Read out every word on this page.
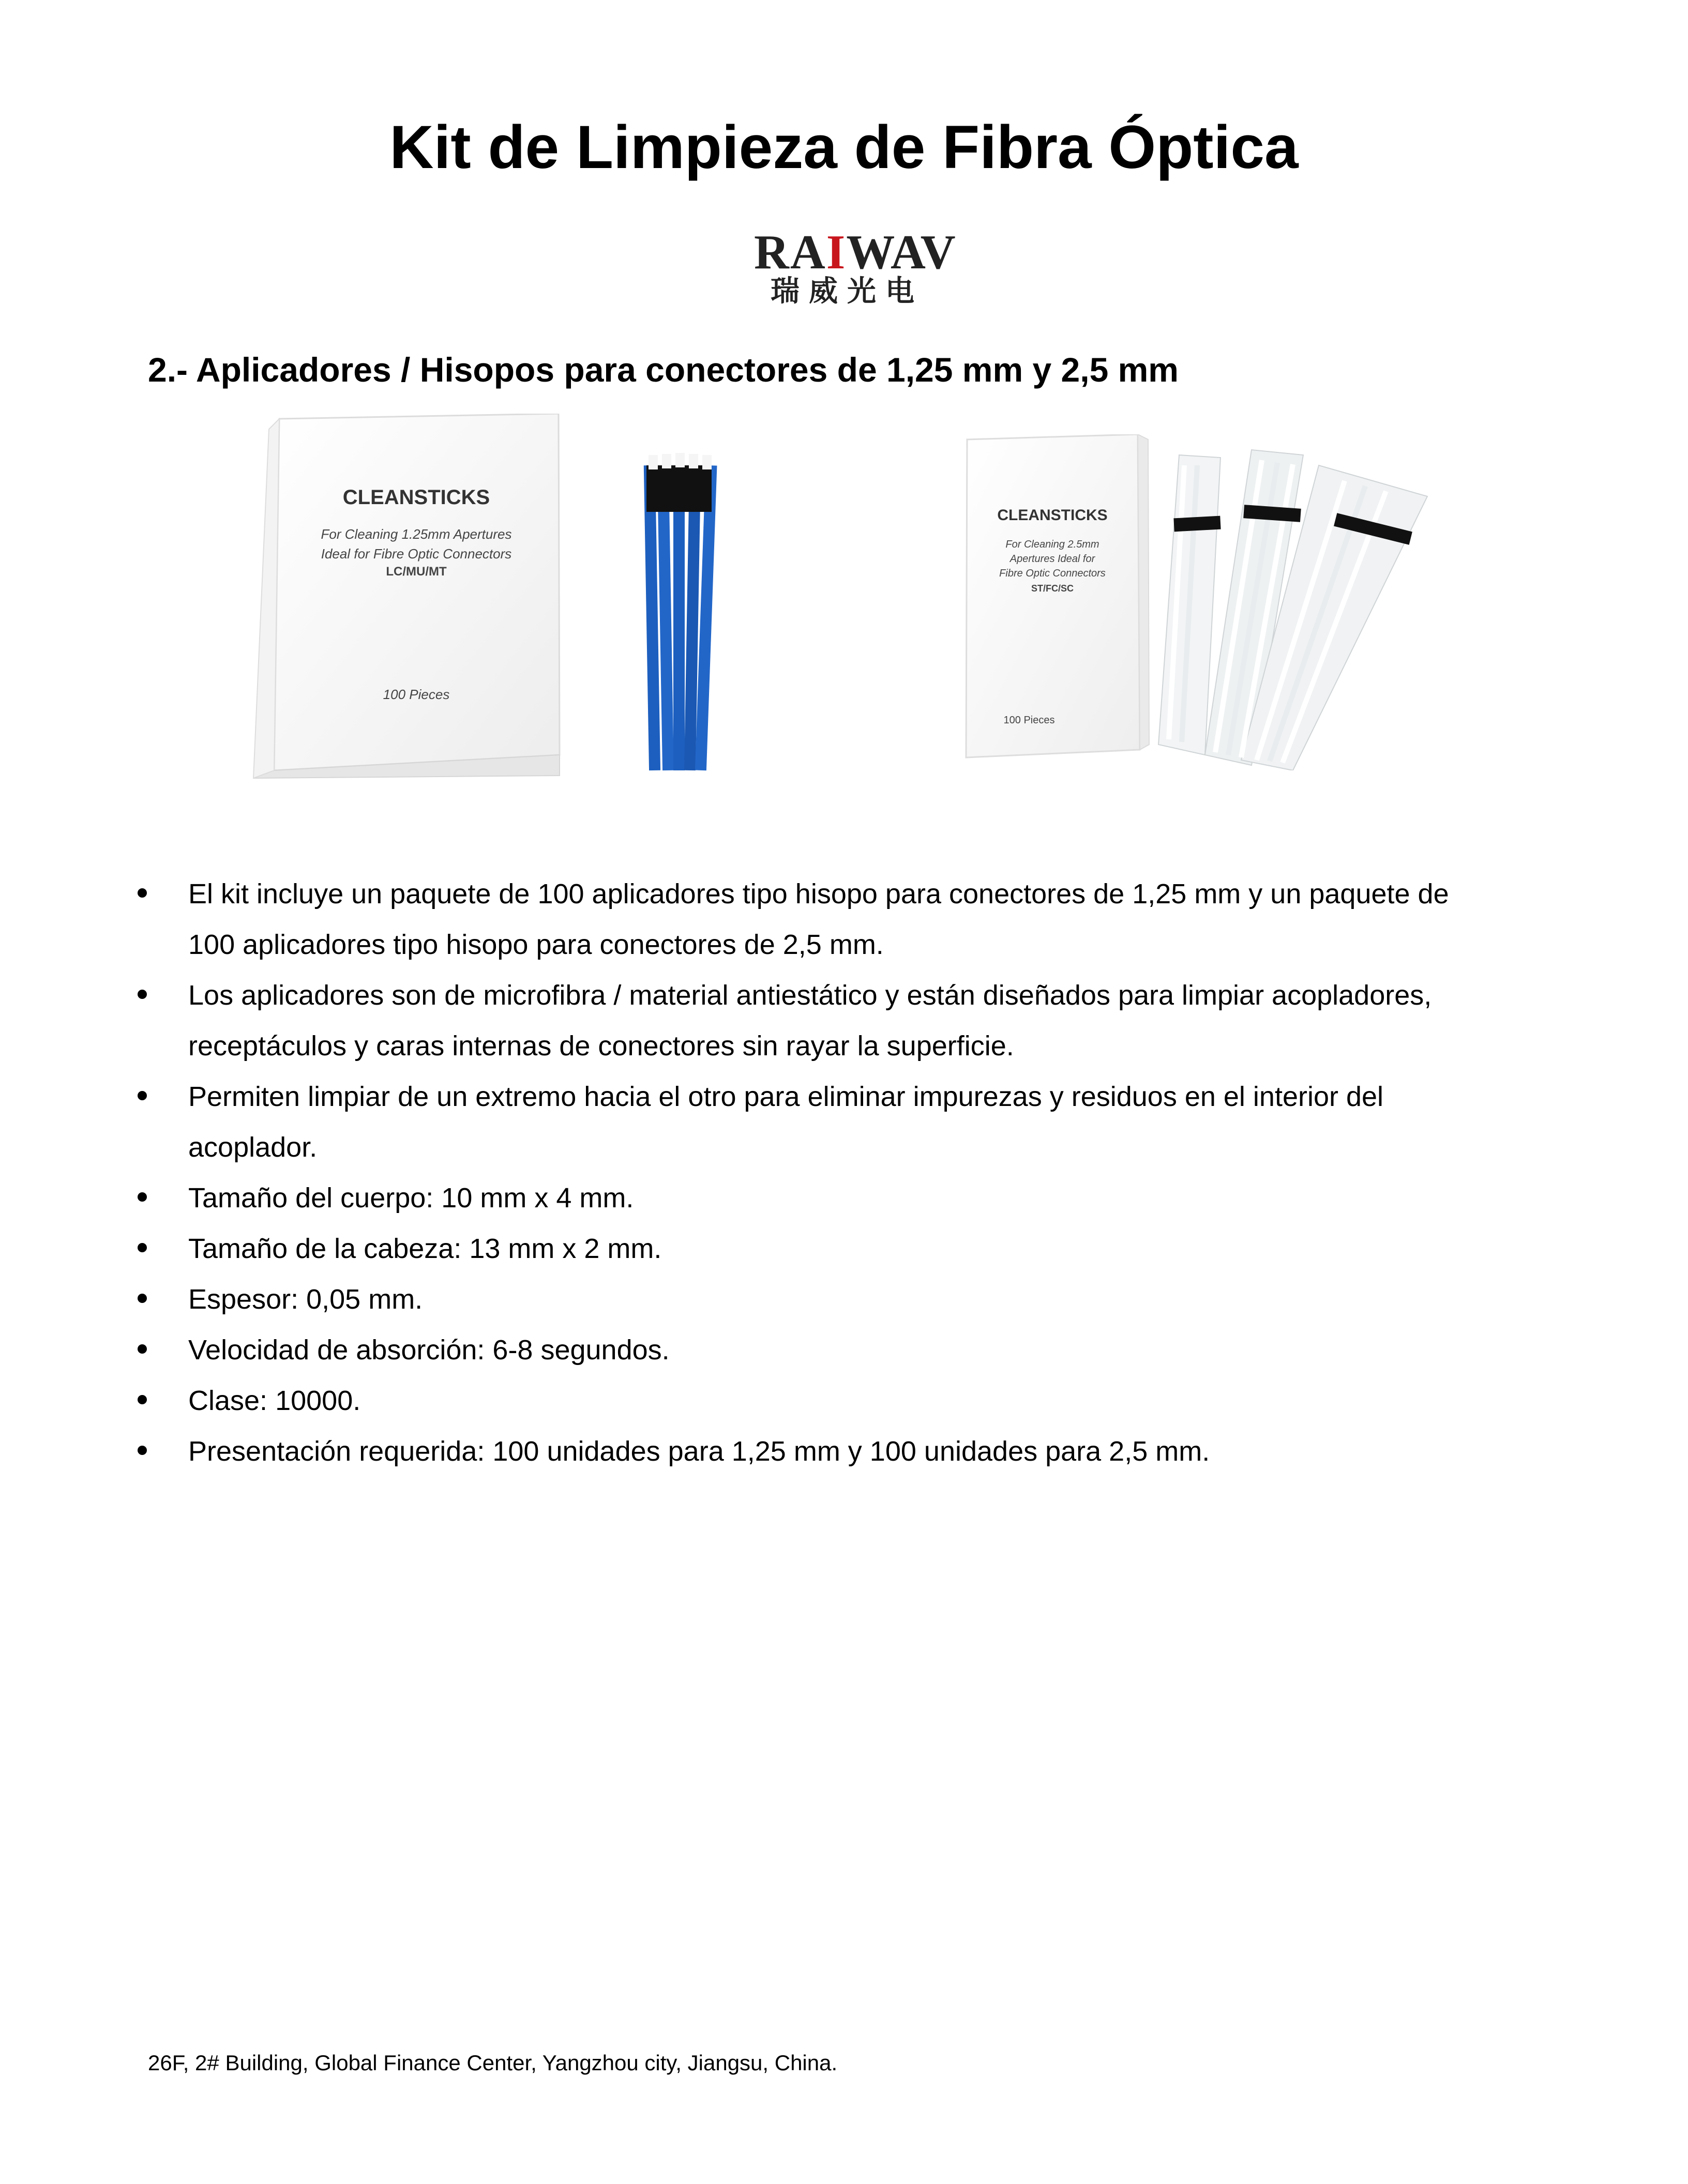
Kit de Limpieza de Fibra Óptica
RAIWAV
瑞威光电
2.- Aplicadores / Hisopos para conectores de 1,25 mm y 2,5 mm
CLEANSTICKS
For Cleaning 1.25mm Apertures
Ideal for Fibre Optic Connectors
LC/MU/MT
100 Pieces
CLEANSTICKS
For Cleaning 2.5mm
Apertures Ideal for
Fibre Optic Connectors
ST/FC/SC
100 Pieces
El kit incluye un paquete de 100 aplicadores tipo hisopo para conectores de 1,25 mm y un paquete de
100 aplicadores tipo hisopo para conectores de 2,5 mm.
Los aplicadores son de microfibra / material antiestático y están diseñados para limpiar acopladores,
receptáculos y caras internas de conectores sin rayar la superficie.
Permiten limpiar de un extremo hacia el otro para eliminar impurezas y residuos en el interior del
acoplador.
Tamaño del cuerpo: 10 mm x 4 mm.
Tamaño de la cabeza: 13 mm x 2 mm.
Espesor: 0,05 mm.
Velocidad de absorción: 6-8 segundos.
Clase: 10000.
Presentación requerida: 100 unidades para 1,25 mm y 100 unidades para 2,5 mm.
26F, 2# Building, Global Finance Center, Yangzhou city, Jiangsu, China.
